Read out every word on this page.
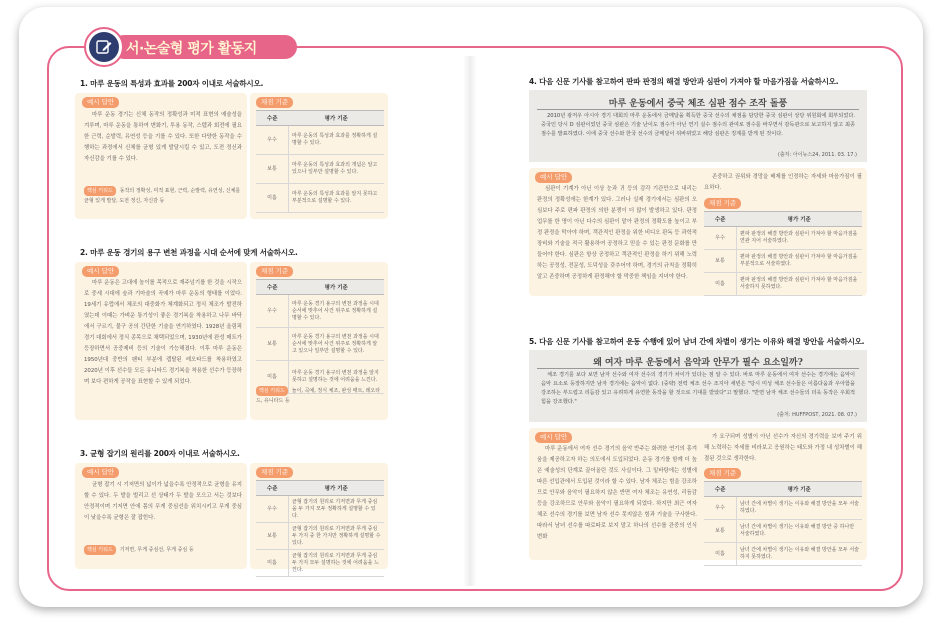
서·논술형 평가 활동지
1. 마루 운동의 특성과 효과를 200자 이내로 서술하시오.
예시 답안
마루 운동 경기는 신체 동작의 정확성과 미적 표현의 예술성을 겨루며, 마루 운동을 통하여 변화기, 투용 동작, 스텝과 회전에 필요한 근력, 순발력, 유연성 등을 기를 수 있다. 또한 다양한 동작을 수행하는 과정에서 신체를 균형 있게 발달시킬 수 있고, 도전 정신과 자신감을 기를 수 있다.
핵심 키워드 동작의 정확성, 미적 표현, 근력, 순발력, 유연성, 신체를 균형 있게 발달, 도전 정신, 자신감 등
채점 기준
수준	평가 기준
우수	마루 운동의 특성과 효과를 정확하게 설명할 수 있다.
보통	마루 운동의 특성과 효과의 개념은 알고 있으나 일부만 설명할 수 있다.
미흡	마루 운동의 특성과 효과를 알지 못하고 부분적으로 설명할 수 있다.
2. 마루 운동 경기의 용구 변천 과정을 시대 순서에 맞게 서술하시오.
예시 답안
마루 운동은 고대에 놀이를 목적으로 재주넘기를 한 것을 시작으로 중세 시대에 숲과 기마술의 곡예가 마루 운동의 형태를 이었다. 19세기 유럽에서 체조의 대중화가 체계화되고 정식 체조가 발전하였는데 이때는 가벼운 통기성이 좋은 경기복을 착용하고 나무 바닥에서 구르기, 물구 공의 간단한 기술을 연기하였다. 1928년 올림픽 경기 대회에서 정식 종목으로 채택되었으며, 1930년에 완성 매트가 등장하면서 공중제비 등의 기술이 가능해졌다. 이후 마루 운동은 1950년대 중반의 팬티 부분에 캡탈된 레오타드를 착용하였고 2020년 이후 선수들 모든 유니타드 경기복을 착용한 선수가 등장하며 보다 편하게 공작을 표현할 수 있게 되었다.
채점 기준
수준	평가 기준
우수	마루 운동 경기 용구의 변천 과정을 시대 순서에 맞추어 사건 위주로 정확하게 설명할 수 있다.
보통	마루 운동 경기 용구의 변천 과정을 시대 순서에 맞추어 사건 위주로 정확하게 알고 있으나 일부만 설명할 수 있다.
미흡	마루 운동 경기 용구의 변천 과정을 알지 못하고 설명하는 것에 어려움을 느낀다.
핵심 키워드 놀이, 곡예, 정식 체조, 완성 매트, 레오타드, 유니타드 등
3. 균형 잡기의 원리를 200자 이내로 서술하시오.
예시 답안
균형 잡기 시 기저면의 넓이가 넓을수록 안정적으로 균형을 유지할 수 있다. 두 발을 벌리고 선 상태가 두 발을 모으고 서는 것보다 안정적이며 기저면 안에 몸의 무게 중심선을 위치시키고 무게 중심이 낮을수록 균형은 잘 잡힌다.
핵심 키워드 기저면, 무게 중심선, 무게 중심 등
채점 기준
수준	평가 기준
우수	균형 잡기의 원리로 기저면과 무게 중심을 두 가지 모두 정확하게 설명할 수 있다.
보통	균형 잡기의 원리로 기저면과 무게 중심 두 가지 중 한 가지만 정확하게 설명할 수 있다.
미흡	균형 잡기의 원리로 기저면과 무게 중심 두 가지 모두 설명하는 것에 어려움을 느낀다.
4. 다음 신문 기사를 참고하여 판파 판정의 해결 방안과 심판이 가져야 할 마음가짐을 서술하시오.
마루 운동에서 중국 체조 심판 점수 조작 돌풍
2010년 광저우 아시아 경기 대회의 마루 운동에서 금메달을 획득한 중국 선수의 채점을 담당한 중국 심판이 상당 위원회에 회부되었다. 중국인 당시 D 심판이었던 중국 심판은 기술 난이도 점수가 아닌 연기 실수 점수의 관여로 점수를 바꾸면서 감독관으로 보고하지 않고 최종 점수를 발표하였다. 이에 중국 선수와 한국 선수의 금메달이 뒤바뀌었고 해당 심판은 징계를 받게 된 것이다.
(출처: 아이뉴스24, 2011. 03. 17.)
예시 답안
심판이 기계가 아닌 이상 눈과 귀 등의 감각 기관만으로 내리는 판정의 정확성에는 한계가 있다. 그러나 실제 경기에서는 심판의 오심보다 주로 편파 판정의 의한 분쟁이 더 많이 발생하고 있다. 판정 업무를 한 명이 아닌 다수의 심판이 맡아 판정의 정확도를 높이고 부정 판정을 막아야 하며, 객관적인 판정을 위한 비디오 판독 등 과학적 장비와 기술을 적극 활용하여 공정하고 믿을 수 있는 판정 문화를 만들어야 한다. 심판은 항상 공정하고 객관적인 판정을 하기 위해 노력하는 공정성, 전문성, 도덕성을 갖추어야 하며, 경기의 규칙을 정확히 알고 존중하며 공정하게 판정해야 할 막중한 책임을 지녀야 한다.
존중하고 권위와 경망을 배제를 인정하는 자세와 마음가짐이 필요하다.
채점 기준
수준	평가 기준
우수	편파 판정의 해결 방안과 심판이 가져야 할 마음가짐을 연관 지어 서술하였다.
보통	편파 판정의 해결 방안과 심판이 가져야 할 마음가짐을 부분적으로 서술하였다.
미흡	편파 판정의 해결 방안과 심판이 가져야 할 마음가짐을 서술하지 못하였다.
5. 다음 신문 기사를 참고하여 운동 수행에 있어 남녀 간에 차별이 생기는 이유와 해결 방안을 서술하시오.
왜 여자 마루 운동에서 음악과 안무가 필수 요소일까?
체조 경기를 보다 보면 남자 선수와 여자 선수의 경기가 차이가 있다는 점 알 수 있다. 바로 마루 운동에서 여자 선수는 경기에는 음악이 음악 요소로 등장하지만 남자 경기에는 음악이 없다. (중략) 전력 체조 선수 조지아 세빈은 "당시 미성 체조 선수들은 이름다움과 우아함을 강조하는 부드럽고 리듬감 있고 유려하게 유연한 동작을 할 것으로 기대를 받았다"고 말했다. "반면 남자 체조 선수들의 더욱 동작은 우회적 힘을 강조했다."
(출처: HUFFPOST, 2021. 08. 07.)
예시 답안
마루 운동에서 여자 선수 경기의 음악 반주는 화려한 연기의 흥겨움을 제공하고자 하는 의도에서 도입되었다. 운동 경기를 함께 더 높은 예술성의 단계로 끌어올린 것도 사실이다. 그 밑바탕에는 성별에 따른 선입관에서 도입된 것이라 할 수 있다. 남자 체조는 힘을 강조하므로 안무와 음악이 필요하지 않은 반면 여자 체조는 유연성, 리듬감 등을 강조하므로 안무와 음악이 필요하게 되었다. 하지만 최근 여자 체조 선수의 경기를 보면 남자 선수 못지않은 힘과 기술을 구사한다. 따라서 남녀 선수를 따로따로 보지 말고 하나의 선수를 관중의 인식 변화
가 요구되며 성별이 아닌 선수가 자신의 경기력을 보여 주기 위해 노력하는 자세를 비라보고 응원하는 태도와 가정 내 성차별이 해결된 것으로 생각한다.
채점 기준
수준	평가 기준
우수	남녀 간에 차별이 생기는 이유와 해결 방안을 모두 서술하였다.
보통	남녀 간에 차별이 생기는 이유와 해결 방안 중 하나만 서술하였다.
미흡	남녀 간에 차별이 생기는 이유와 해결 방안을 모두 서술하지 못하였다.
